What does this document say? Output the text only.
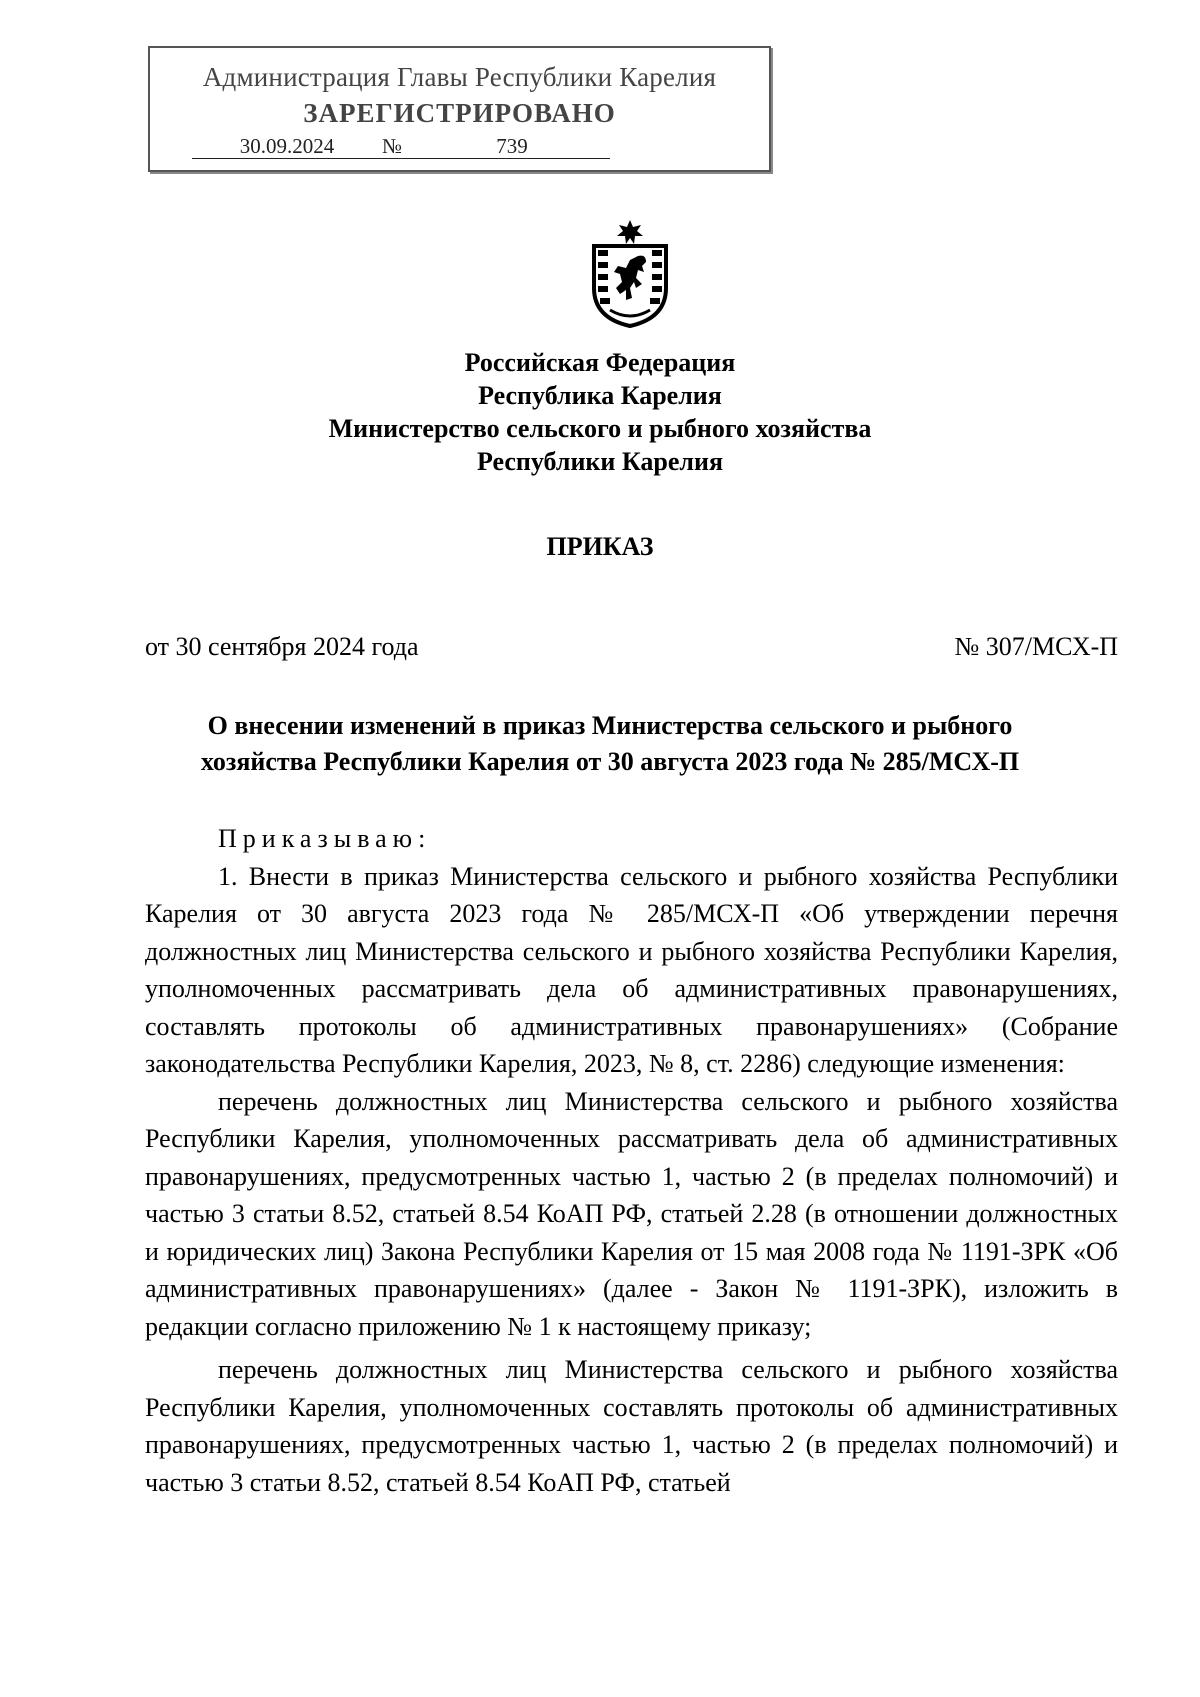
Администрация Главы Республики Карелия
ЗАРЕГИСТРИРОВАНО
30.09.2024 №	739
Российская Федерация
Республика Карелия
Министерство сельского и рыбного хозяйства
Республики Карелия
ПРИКАЗ
от 30 сентября 2024 года	№ 307/МСХ-П
О внесении изменений в приказ Министерства сельского и рыбного
хозяйства Республики Карелия от 30 августа 2023 года № 285/МСХ-П

Приказываю:

1. Внести в приказ Министерства сельского и рыбного хозяйства Республики Карелия от 30 августа 2023 года № 285/МСХ-П «Об утверждении перечня должностных лиц Министерства сельского и рыбного хозяйства Республики Карелия, уполномоченных рассматривать дела об административных правонарушениях, составлять протоколы об административных правонарушениях» (Собрание законодательства Республики Карелия, 2023, № 8, ст. 2286) следующие изменения:

перечень должностных лиц Министерства сельского и рыбного хозяйства Республики Карелия, уполномоченных рассматривать дела об административных правонарушениях, предусмотренных частью 1, частью 2 (в пределах полномочий) и частью 3 статьи 8.52, статьей 8.54 КоАП РФ, статьей 2.28 (в отношении должностных и юридических лиц) Закона Республики Карелия от 15 мая 2008 года № 1191-ЗРК «Об административных правонарушениях» (далее - Закон № 1191-ЗРК), изложить в редакции согласно приложению № 1 к настоящему приказу;

перечень должностных лиц Министерства сельского и рыбного хозяйства Республики Карелия, уполномоченных составлять протоколы об административных правонарушениях, предусмотренных частью 1, частью 2 (в пределах полномочий) и частью 3 статьи 8.52, статьей 8.54 КоАП РФ, статьей
